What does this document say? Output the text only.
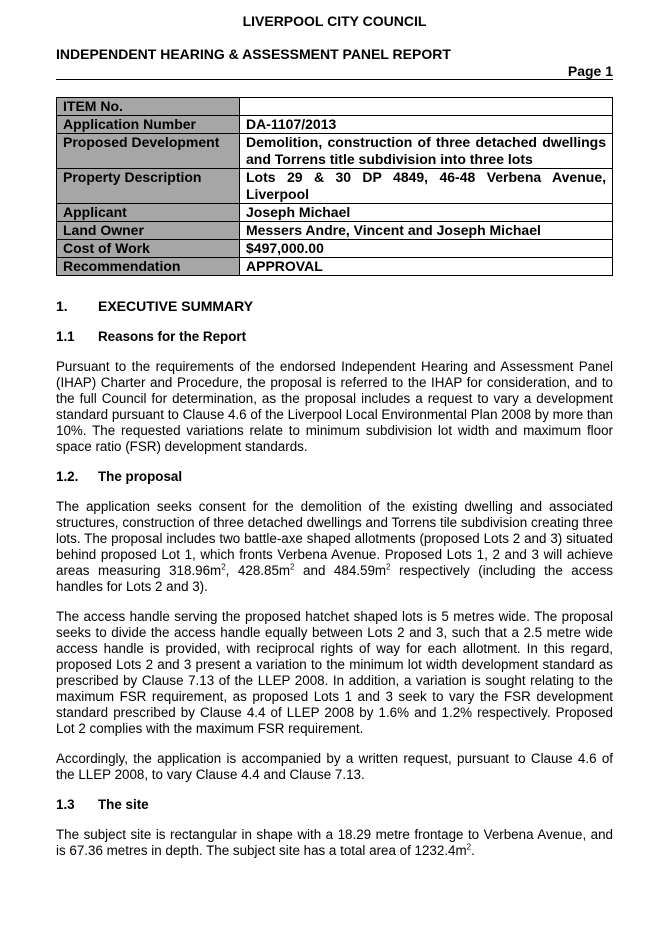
LIVERPOOL CITY COUNCIL
INDEPENDENT HEARING & ASSESSMENT PANEL REPORT
Page 1
ITEM No.	
Application Number	DA-1107/2013
Proposed Development	Demolition, construction of three detached dwellings and Torrens title subdivision into three lots
Property Description	Lots 29 & 30 DP 4849, 46-48 Verbena Avenue, Liverpool
Applicant	Joseph Michael
Land Owner	Messers Andre, Vincent and Joseph Michael
Cost of Work	$497,000.00
Recommendation	APPROVAL
1.	EXECUTIVE SUMMARY
1.1	Reasons for the Report

Pursuant to the requirements of the endorsed Independent Hearing and Assessment Panel (IHAP) Charter and Procedure, the proposal is referred to the IHAP for consideration, and to the full Council for determination, as the proposal includes a request to vary a development standard pursuant to Clause 4.6 of the Liverpool Local Environmental Plan 2008 by more than 10%. The requested variations relate to minimum subdivision lot width and maximum floor space ratio (FSR) development standards.

1.2.	The proposal

The application seeks consent for the demolition of the existing dwelling and associated structures, construction of three detached dwellings and Torrens tile subdivision creating three lots. The proposal includes two battle-axe shaped allotments (proposed Lots 2 and 3) situated behind proposed Lot 1, which fronts Verbena Avenue. Proposed Lots 1, 2 and 3 will achieve areas measuring $318.96m^2$, $428.85m^2$ and $484.59m^2$ respectively (including the access handles for Lots 2 and 3).

The access handle serving the proposed hatchet shaped lots is 5 metres wide. The proposal seeks to divide the access handle equally between Lots 2 and 3, such that a 2.5 metre wide access handle is provided, with reciprocal rights of way for each allotment. In this regard, proposed Lots 2 and 3 present a variation to the minimum lot width development standard as prescribed by Clause 7.13 of the LLEP 2008. In addition, a variation is sought relating to the maximum FSR requirement, as proposed Lots 1 and 3 seek to vary the FSR development standard prescribed by Clause 4.4 of LLEP 2008 by 1.6% and 1.2% respectively. Proposed Lot 2 complies with the maximum FSR requirement.

Accordingly, the application is accompanied by a written request, pursuant to Clause 4.6 of the LLEP 2008, to vary Clause 4.4 and Clause 7.13.

1.3	The site

The subject site is rectangular in shape with a 18.29 metre frontage to Verbena Avenue, and is 67.36 metres in depth. The subject site has a total area of $1232.4m^2$.
